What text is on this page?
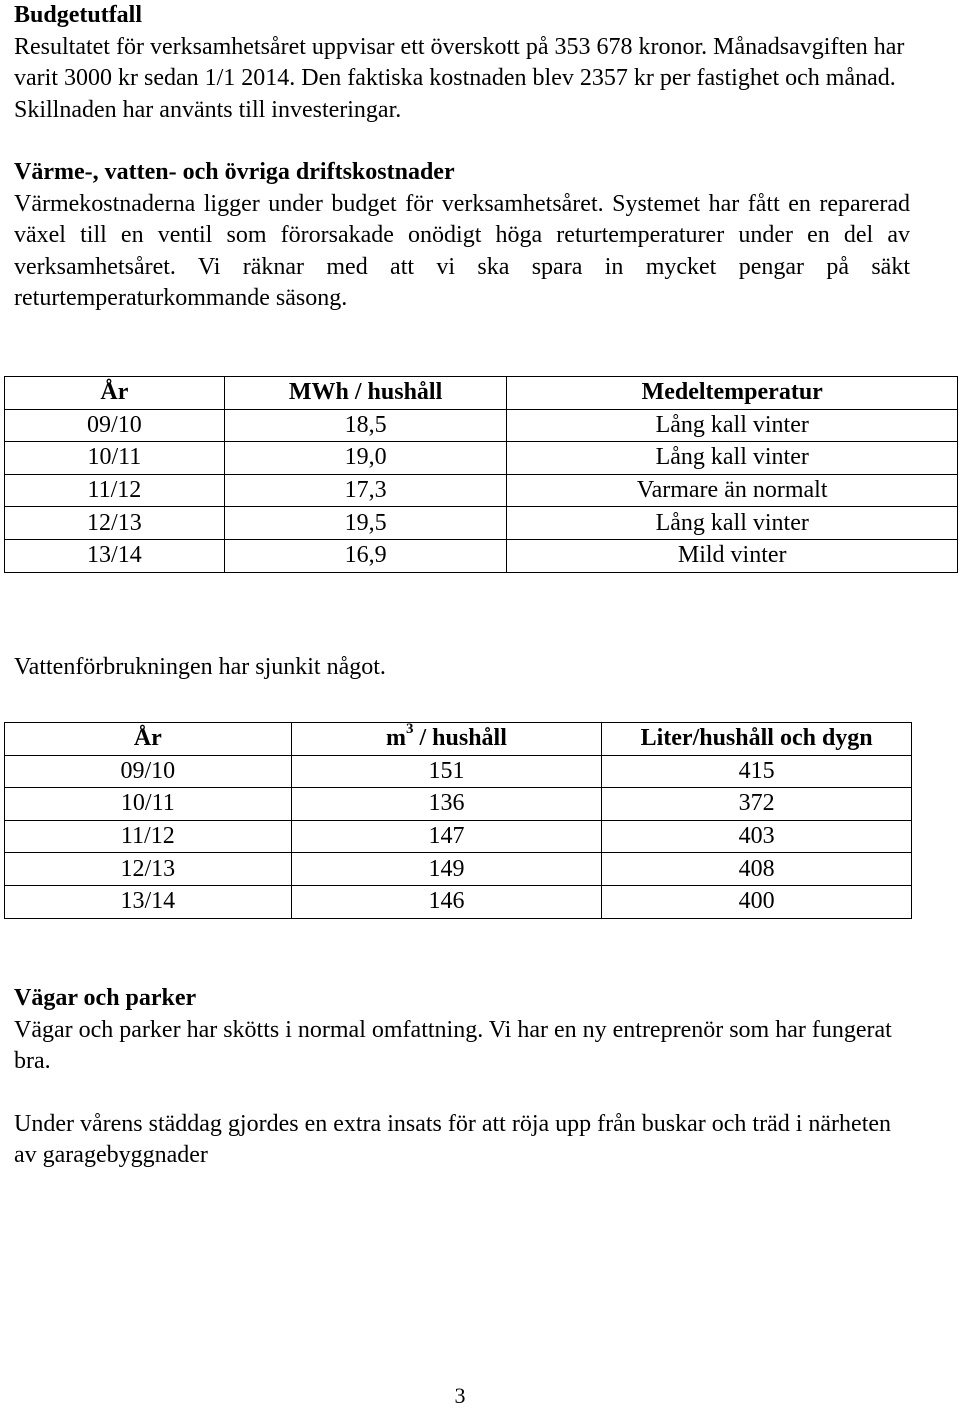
Budgetutfall

Resultatet för verksamhetsåret uppvisar ett överskott på 353 678 kronor. Månadsavgiften har varit 3000 kr sedan 1/1 2014. Den faktiska kostnaden blev 2357 kr per fastighet och månad. Skillnaden har använts till investeringar.

Värme-, vatten- och övriga driftskostnader

Värmekostnaderna ligger under budget för verksamhetsåret. Systemet har fått en reparerad växel till en ventil som förorsakade onödigt höga returtemperaturer under en del av verksamhetsåret. Vi räknar med att vi ska spara in mycket pengar på säkt returtemperaturkommande säsong.

År	MWh / hushåll	Medeltemperatur
09/10	18,5	Lång kall vinter
10/11	19,0	Lång kall vinter
11/12	17,3	Varmare än normalt
12/13	19,5	Lång kall vinter
13/14	16,9	Mild vinter

Vattenförbrukningen har sjunkit något.

År	$m^3$ / hushåll	Liter/hushåll och dygn
09/10	151	415
10/11	136	372
11/12	147	403
12/13	149	408
13/14	146	400

Vägar och parker

Vägar och parker har skötts i normal omfattning. Vi har en ny entreprenör som har fungerat bra.

Under vårens städdag gjordes en extra insats för att röja upp från buskar och träd i närheten av garagebyggnader

3
